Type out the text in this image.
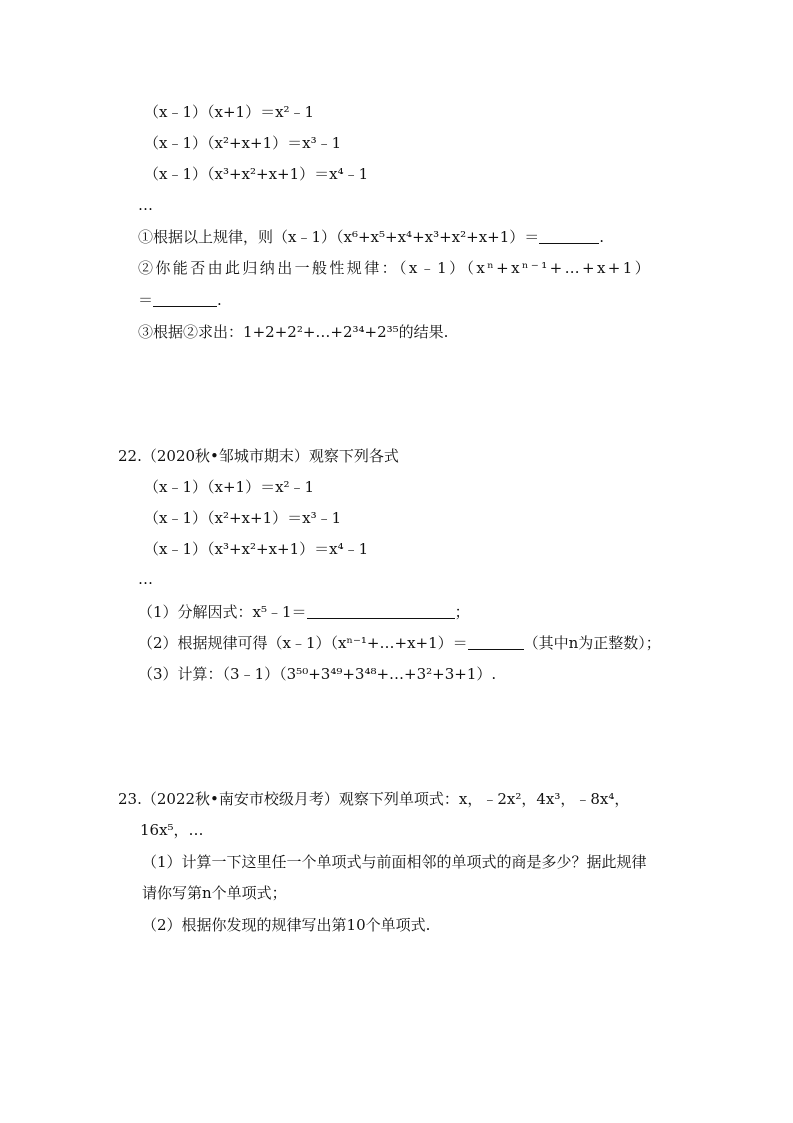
（x﹣1）（x+1）＝x²﹣1
（x﹣1）（x²+x+1）＝x³﹣1
（x﹣1）（x³+x²+x+1）＝x⁴﹣1
…
①根据以上规律，则（x﹣1）（x⁶+x⁵+x⁴+x³+x²+x+1）＝	.
②你能否由此归纳出一般性规律：（x﹣1）（xⁿ+xⁿ⁻¹+…+x+1）
＝	.
③根据②求出：1+2+2²+…+2³⁴+2³⁵的结果.
22.（2020秋•邹城市期末）观察下列各式
（x﹣1）（x+1）＝x²﹣1
（x﹣1）（x²+x+1）＝x³﹣1
（x﹣1）（x³+x²+x+1）＝x⁴﹣1
…
（1）分解因式：x⁵﹣1＝	；
（2）根据规律可得（x﹣1）（xⁿ⁻¹+…+x+1）＝	（其中n为正整数）；
（3）计算：（3﹣1）（3⁵⁰+3⁴⁹+3⁴⁸+…+3²+3+1）.
23.（2022秋•南安市校级月考）观察下列单项式：x，﹣2x²，4x³，﹣8x⁴，
16x⁵，…
（1）计算一下这里任一个单项式与前面相邻的单项式的商是多少？据此规律
请你写第n个单项式；
（2）根据你发现的规律写出第10个单项式.
